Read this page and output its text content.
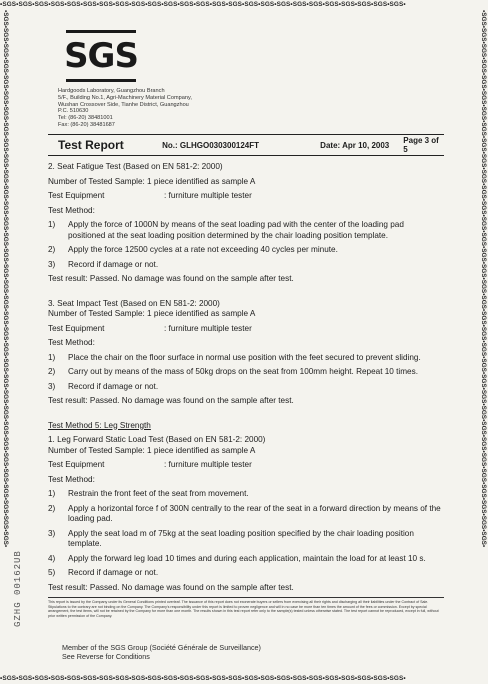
•SGS•SGS•SGS•SGS•SGS•SGS•SGS•SGS•SGS•SGS•SGS•SGS•SGS•SGS•SGS•SGS•SGS•SGS•SGS•SGS•SGS•SGS•SGS•SGS•SGS•
•SGS•SGS•SGS•SGS•SGS•SGS•SGS•SGS•SGS•SGS•SGS•SGS•SGS•SGS•SGS•SGS•SGS•SGS•SGS•SGS•SGS•SGS•SGS•SGS•SGS•
•SGS•SGS•SGS•SGS•SGS•SGS•SGS•SGS•SGS•SGS•SGS•SGS•SGS•SGS•SGS•SGS•SGS•SGS•SGS•SGS•SGS•SGS•SGS•SGS•SGS•SGS•SGS•SGS•SGS•SGS•SGS•SGS•SGS•SGS•	•SGS•SGS•SGS•SGS•SGS•SGS•SGS•SGS•SGS•SGS•SGS•SGS•SGS•SGS•SGS•SGS•SGS•SGS•SGS•SGS•SGS•SGS•SGS•SGS•SGS•SGS•SGS•SGS•SGS•SGS•SGS•SGS•SGS•SGS•
SGS
Hardgoods Laboratory, Guangzhou Branch
5/F., Building No.1, Agri-Machinery Material Company,
Wushan Crossover Side, Tianhe District, Guangzhou
P.C. 510630
Tel: (86-20) 38481001
Fax: (86-20) 38481687
Test Report	No.: GLHGO030300124FT	Date: Apr 10, 2003	Page 3 of 5
2. Seat Fatigue Test (Based on EN 581-2: 2000)
Number of Tested Sample: 1 piece identified as sample A
Test Equipment	: furniture multiple tester
Test Method:
1)	Apply the force of 1000N by means of the seat loading pad with the center of the loading pad positioned at the seat loading position determined by the chair loading position template.
2)	Apply the force 12500 cycles at a rate not exceeding 40 cycles per minute.
3)	Record if damage or not.
Test result: Passed. No damage was found on the sample after test.
3. Seat Impact Test (Based on EN 581-2: 2000)
Number of Tested Sample: 1 piece identified as sample A
Test Equipment	: furniture multiple tester
Test Method:
1)	Place the chair on the floor surface in normal use position with the feet secured to prevent sliding.
2)	Carry out by means of the mass of 50kg drops on the seat from 100mm height. Repeat 10 times.
3)	Record if damage or not.
Test result: Passed. No damage was found on the sample after test.
Test Method 5: Leg Strength
1. Leg Forward Static Load Test (Based on EN 581-2: 2000)
Number of Tested Sample: 1 piece identified as sample A
Test Equipment	: furniture multiple tester
Test Method:
1)	Restrain the front feet of the seat from movement.
2)	Apply a horizontal force f of 300N centrally to the rear of the seat in a forward direction by means of the loading pad.
3)	Apply the seat load m of 75kg at the seat loading position specified by the chair loading position template.
4)	Apply the forward leg load 10 times and during each application, maintain the load for at least 10 s.
5)	Record if damage or not.
Test result: Passed. No damage was found on the sample after test.
This report is issued by the Company under its General Conditions printed overleaf. The issuance of this report does not exonerate buyers or sellers from exercising all their rights and discharging all their liabilities under the Contract of Sale. Stipulations to the contrary are not binding on the Company. The Company's responsibility under this report is limited to proven negligence and will in no case be more than ten times the amount of the fees or commission. Except by special arrangement, the test items, will not be retained by the Company for more than one month. The results shown in this test report refer only to the sample(s) tested unless otherwise stated. The test report cannot be reproduced, except in full, without prior written permission of the Company.
Member of the SGS Group (Société Générale de Surveillance)
See Reverse for Conditions
GZHG 00162UB
